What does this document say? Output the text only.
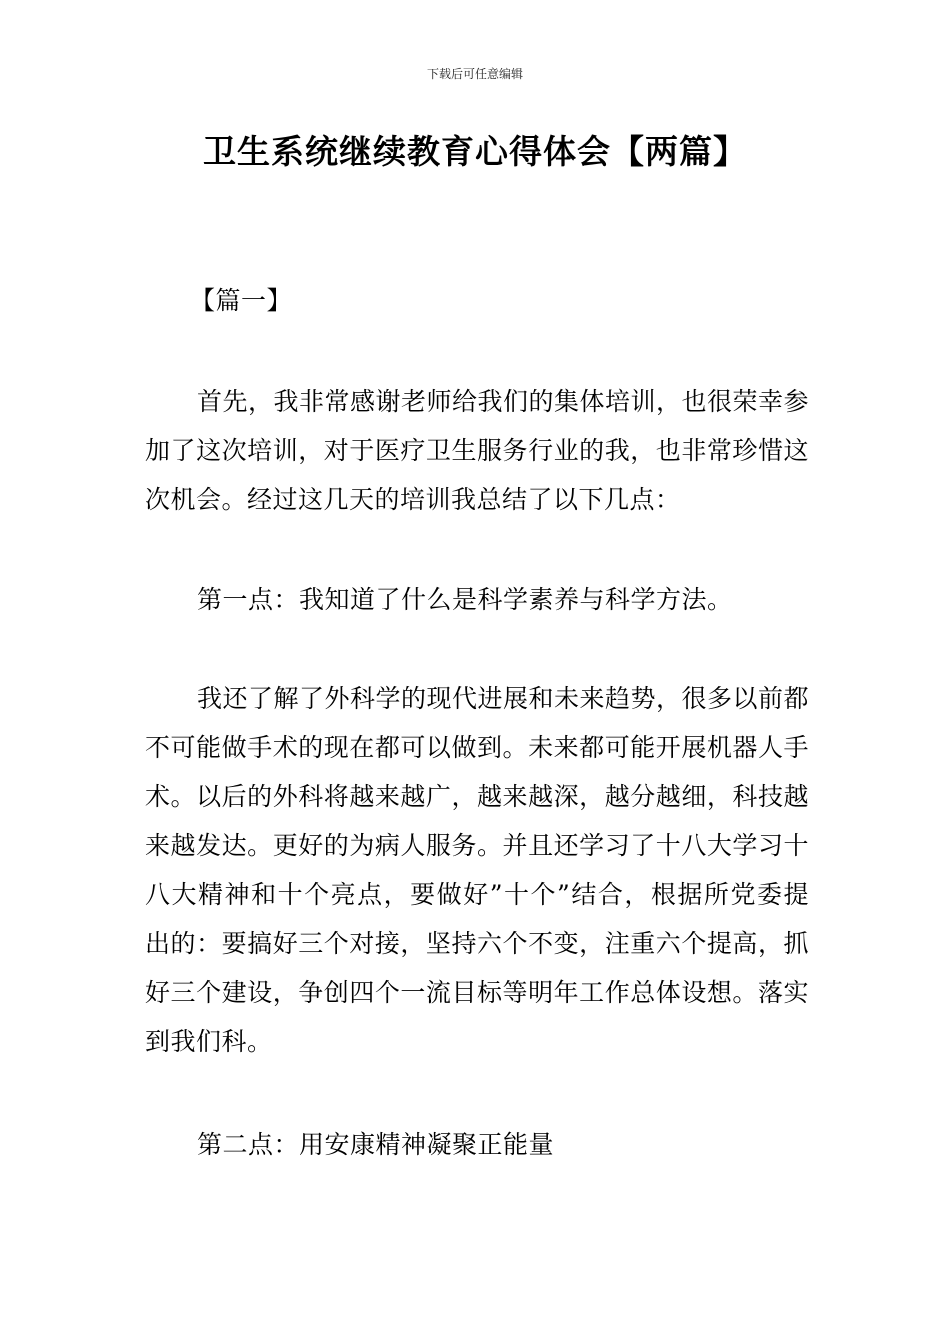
下载后可任意编辑
卫生系统继续教育心得体会【两篇】

【篇一】

首先，我非常感谢老师给我们的集体培训，也很荣幸参加了这次培训，对于医疗卫生服务行业的我，也非常珍惜这次机会。经过这几天的培训我总结了以下几点：

第一点：我知道了什么是科学素养与科学方法。

我还了解了外科学的现代进展和未来趋势，很多以前都不可能做手术的现在都可以做到。未来都可能开展机器人手术。以后的外科将越来越广，越来越深，越分越细，科技越来越发达。更好的为病人服务。并且还学习了十八大学习十八大精神和十个亮点，要做好”十个”结合，根据所党委提出的：要搞好三个对接，坚持六个不变，注重六个提高，抓好三个建设，争创四个一流目标等明年工作总体设想。落实到我们科。

第二点：用安康精神凝聚正能量
